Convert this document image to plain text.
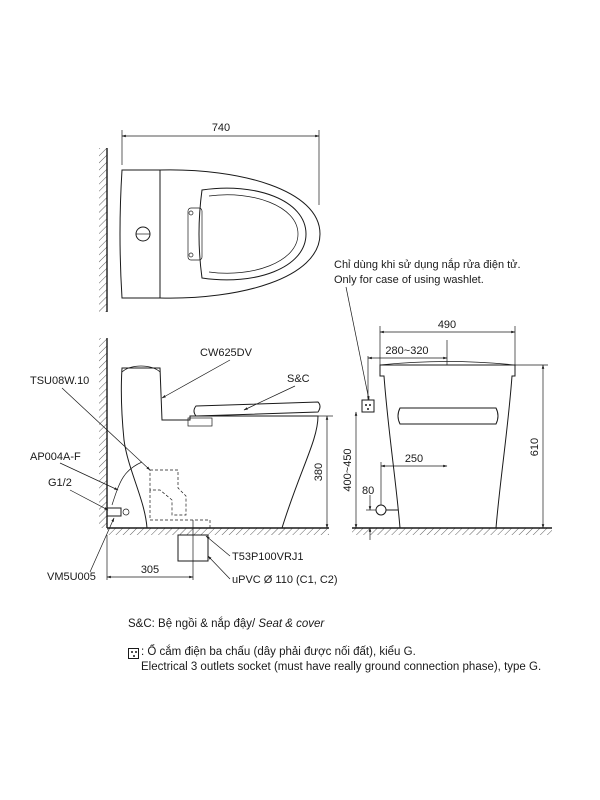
740
380
305
CW625DV
S&C
TSU08W.10
AP004A-F
G1/2
VM5U005
T53P100VRJ1
uPVC Ø 110 (C1, C2)
Chỉ dùng khi sử dụng nắp rửa điện tử.
Only for case of using washlet.
490
280~320
610
400~450	250
80
S&C: Bệ ngồi & nắp đậy/ Seat & cover
: Ổ cắm điện ba chấu (dây phải được nối đất), kiểu G.
Electrical 3 outlets socket (must have really ground connection phase), type G.
